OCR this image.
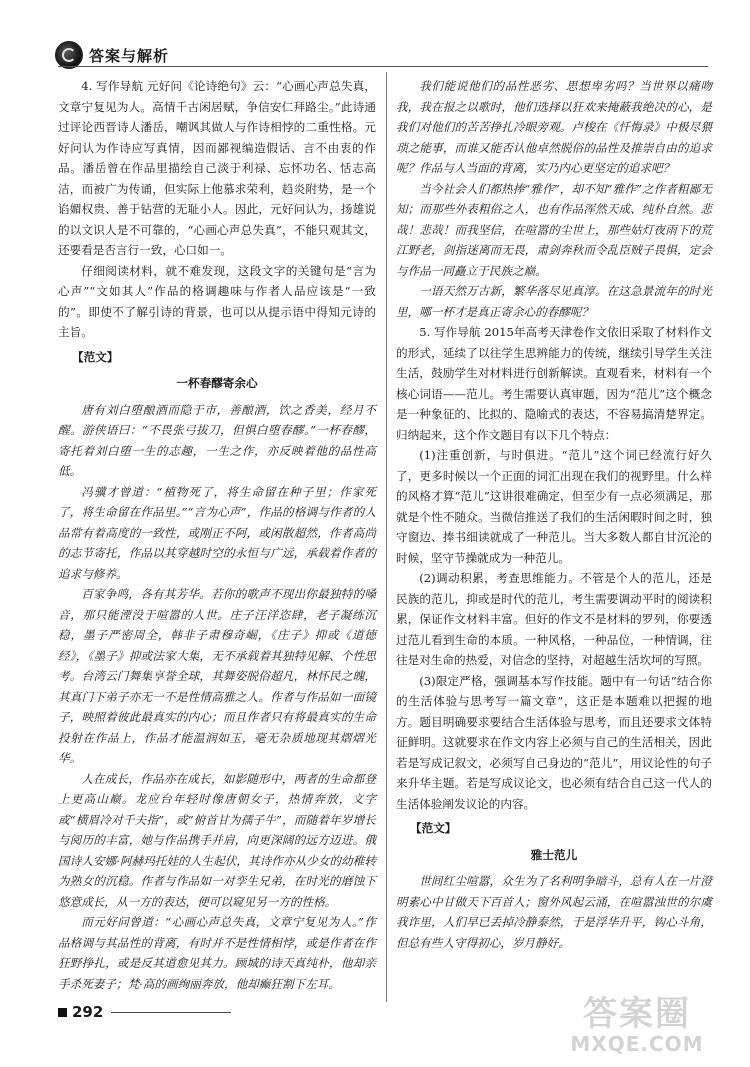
答案与解析

4. 写作导航 元好问《论诗绝句》云：“心画心声总失真，文章宁复见为人。高情千古闲居赋，争信安仁拜路尘。”此诗通过评论西晋诗人潘岳，嘲讽其做人与作诗相悖的二重性格。元好问认为作诗应写真情，因而鄙视编造假话、言不由衷的作品。潘岳曾在作品里描绘自己淡于利禄、忘怀功名、恬志高洁，而被广为传诵，但实际上他慕求荣利，趋炎附势，是一个谄媚权贵、善于钻营的无耻小人。因此，元好问认为，扬雄说的以文识人是不可靠的，“心画心声总失真”，不能只观其文，还要看是否言行一致，心口如一。

仔细阅读材料，就不难发现，这段文字的关键句是“言为心声”“文如其人”作品的格调趣味与作者人品应该是“一致的”。即使不了解引诗的背景，也可以从提示语中得知元诗的主旨。

【范文】

一杯春醪寄余心

唐有刘白堕酿酒而隐于市，善酿酒，饮之香美，经月不醒。游侠语曰：“不畏张弓拔刀，但惧白堕春醪。”一杯春醪，寄托着刘白堕一生的志趣，一生之作，亦反映着他的品性高低。

冯骥才曾道：“植物死了，将生命留在种子里；作家死了，将生命留在作品里。”“言为心声”，作品的格调与作者的人品常有着高度的一致性，或刚正不阿，或闲散超然，作者高尚的志节寄托，作品以其穿越时空的永恒与广远，承载着作者的追求与修养。

百家争鸣，各有其芳华。若你的歌声不现出你最独特的嗓音，那只能湮没于喧嚣的人世。庄子汪洋恣肆，老子凝练沉稳，墨子严密周全，韩非子肃穆奇崛，《庄子》抑或《道德经》，《墨子》抑或法家大集，无不承载着其独特见解、个性思考。台湾云门舞集享誉全球，其舞姿脱俗超凡，林怀民之魄，其真门下弟子亦无一不是性情高雅之人。作者与作品如一面镜子，映照着彼此最真实的内心；而且作者只有将最真实的生命投射在作品上，作品才能温润如玉，毫无杂质地现其熠熠光华。

人在成长，作品亦在成长，如影随形中，两者的生命都登上更高山巅。龙应台年轻时像唐朝女子，热情奔放，文字或“横眉冷对千夫指”，或“俯首甘为孺子牛”，而随着年岁增长与阅历的丰富，她与作品携手并肩，向更深阔的远方迈进。俄国诗人安娜·阿赫玛托娃的人生起伏，其诗作亦从少女的幼稚转为熟女的沉稳。作者与作品如一对孪生兄弟，在时光的磨蚀下悠意成长，从一方的表达，便可以窥见另一方的性格。

而元好问曾道：“心画心声总失真，文章宁复见为人。”作品格调与其品性的背离，有时并不是性情相悖，或是作者在作狂野挣扎，或是反其道愈见其力。顾城的诗天真纯朴，他却亲手杀死妻子；梵·高的画绚丽奔放，他却癫狂割下左耳。

我们能说他们的品性恶劣、思想卑劣吗？当世界以痛吻我，我在报之以歌时，他们选择以狂欢来掩蔽我绝决的心，是我们对他们的苦苦挣扎冷眼旁观。卢梭在《忏悔录》中极尽猥琐之能事，而谁又能否认他卓然脱俗的品性及推崇自由的追求呢？作品与人当面的背离，实乃内心更坚定的追求吧？

当今社会人们都热捧“雅作”，却不知“雅作”之作者粗鄙无知；而那些外表粗俗之人，也有作品浑然天成、纯朴自然。悲哉！悲哉！而我坚信，在喧嚣的尘世上，那些姑灯夜雨下的荒江野老，剑指迷离而无畏，肃剑奔秋而令乱臣贼子畏惧，定会与作品一同矗立于民族之巅。

一语天然万古新，繁华落尽见真淳。在这急景流年的时光里，哪一杯才是真正寄余心的春醪呢？

5. 写作导航 2015年高考天津卷作文依旧采取了材料作文的形式，延续了以往学生思辨能力的传统，继续引导学生关注生活，鼓励学生对材料进行创新解读。直观看来，材料有一个核心词语——范儿。考生需要认真审题，因为“范儿”这个概念是一种象征的、比拟的、隐喻式的表达，不容易搞清楚界定。归纳起来，这个作文题目有以下几个特点：

(1)注重创新，与时俱进。“范儿”这个词已经流行好久了，更多时候以一个正面的词汇出现在我们的视野里。什么样的风格才算“范儿”这讲很难确定，但至少有一点必须满足，那就是个性不随众。当微信推送了我们的生活闲暇时间之时，独守窗边、捧书细读就成了一种范儿。当大多数人都自甘沉沦的时候，坚守节操就成为一种范儿。

(2)调动积累，考查思维能力。不管是个人的范儿，还是民族的范儿，抑或是时代的范儿，考生需要调动平时的阅读积累，保证作文材料丰富。但好的作文不是材料的罗列，你要透过范儿看到生命的本质。一种风格，一种品位，一种情调，往往是对生命的热爱，对信念的坚持，对超越生活坎坷的写照。

(3)限定严格，强调基本写作技能。题中有一句话“结合你的生活体验与思考写一篇文章”，这正是本题难以把握的地方。题目明确要求要结合生活体验与思考，而且还要求文体特征鲜明。这就要求在作文内容上必须与自己的生活相关，因此若是写成记叙文，必须写自己身边的“范儿”，用议论性的句子来升华主题。若是写成议论文，也必须有结合自己这一代人的生活体验阐发议论的内容。

【范文】

雅士范儿

世间红尘喧嚣，众生为了名利明争暗斗，总有人在一片澄明素心中甘做天下百首人；窗外风起云涌，在喧嚣浊世的尔虞我诈里，人们早已丢掉冷静泰然，于是浮华升平，钩心斗角，但总有些人守得初心，岁月静好。

292	答案圈
MXQE.COM
